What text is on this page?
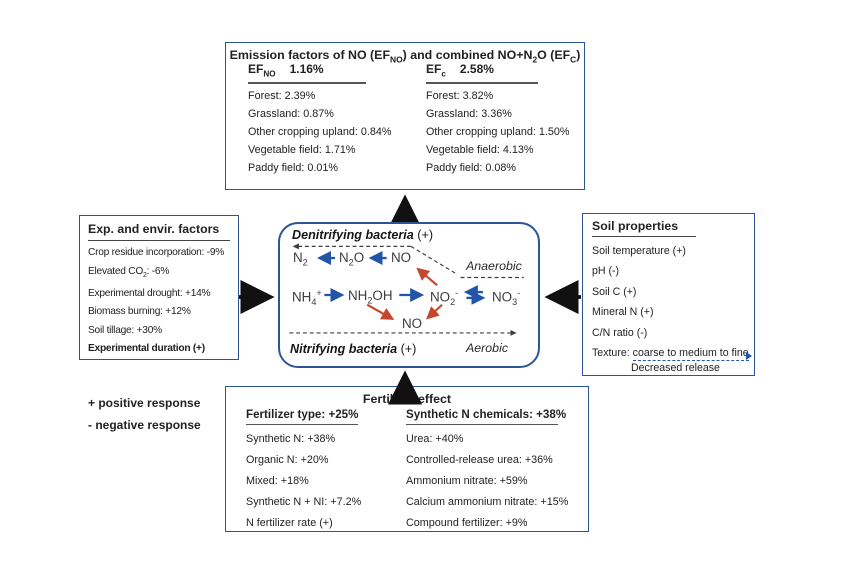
Emission factors of NO $(EF_{NO})$ and combined $NO+N_2O$ $(EF_C)$
$EF_{NO}$ 1.16%
Forest: 2.39%
Grassland: 0.87%
Other cropping upland: 0.84%
Vegetable field: 1.71%
Paddy field: 0.01%
$EF_c$ 2.58%
Forest: 3.82%
Grassland: 3.36%
Other cropping upland: 1.50%
Vegetable field: 4.13%
Paddy field: 0.08%
Exp. and envir. factors
Crop residue incorporation: -9%
Elevated $CO_2$: -6%
Experimental drought: +14%
Biomass burning: +12%
Soil tillage: +30%
Experimental duration (+)
Soil properties
Soil temperature (+)
pH (-)
Soil C (+)
Mineral N (+)
C/N ratio (-)
Texture: coarse to medium to fine
Decreased release
Denitrifying bacteria (+)
Anaerobic
$N_2$ $N_2O$ NO
$NH_4^+$ $NH_2OH$	$NO_2^-$	$NO_3^-$
NO
Nitrifying bacteria (+)	Aerobic
Fertilizer effect
Fertilizer type: +25%
Synthetic N: +38%
Organic N: +20%
Mixed: +18%
Synthetic N + NI: +7.2%
N fertilizer rate (+)
Synthetic N chemicals: +38%
Urea: +40%
Controlled-release urea: +36%
Ammonium nitrate: +59%
Calcium ammonium nitrate: +15%
Compound fertilizer: +9%
+ positive response
- negative response
